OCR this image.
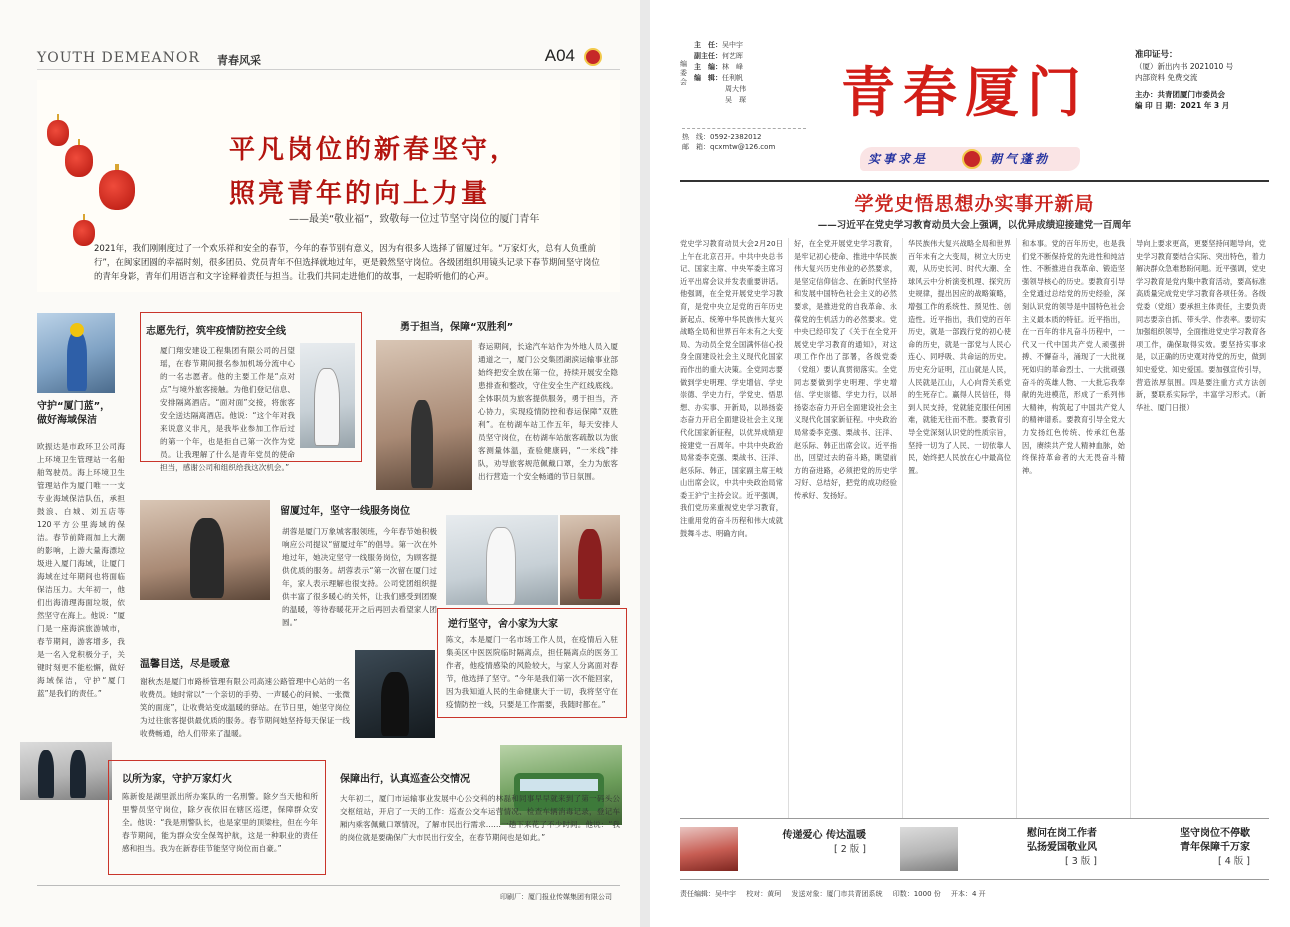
YOUTH DEMEANOR 青春风采	A04
平凡岗位的新春坚守，
照亮青年的向上力量
——最美“敬业福”，致敬每一位过节坚守岗位的厦门青年
2021年，我们刚刚度过了一个欢乐祥和安全的春节，今年的春节别有意义，因为有很多人选择了留厦过年。“万家灯火，总有人负重前行”，在闽家团圆的幸福时刻，很多团员、党员青年不但选择就地过年，更是毅然坚守岗位。各级团组织用镜头记录下春节期间坚守岗位的青年身影，青年们用语言和文字诠释着责任与担当。让我们共同走进他们的故事，一起聆听他们的心声。
守护“厦门蓝”，做好海域保洁
欧振达是市政环卫公司海上环境卫生管理站一名船舶驾驶员。海上环境卫生管理站作为厦门唯一一支专业海域保洁队伍，承担鼓浪、白城、刘五店等120平方公里海域的保洁。春节前降雨加上大潮的影响，上游大量海漂垃圾进入厦门海域，让厦门海域在过年期间也将面临保洁压力。大年初一，他们出海清理海面垃圾，依然坚守在海上。他说：“厦门是一座海滨旅游城市，春节期间，游客增多，我是一名入党积极分子，关键时刻更不能松懈，做好海域保洁，守护“厦门蓝”是我们的责任。”
志愿先行，筑牢疫情防控安全线
厦门翔安建设工程集团有限公司的吕望瑶，在春节期间报名参加机场分流中心的一名志愿者。他的主要工作是“点对点”与境外旅客接触。为他们登记信息、安排隔离酒店。“面对面”交接，将旅客安全送达隔离酒店。他说：“这个年对我来说意义非凡，是我毕业参加工作后过的第一个年，也是拒自己第一次作为党员。让我理解了什么是青年党员的使命担当，感谢公司和组织给我这次机会。”
勇于担当，保障“双胜利”
春运期间，长途汽车站作为外地人员入厦通道之一，厦门公交集团湖滨运输事业部始终把安全放在第一位，持续开展安全隐患排查和整改，守住安全生产红线底线。全体职员为旅客提供服务，勇于担当，齐心协力，实现疫情防控和春运保障“双胜利”。在枋湖车站工作五年，每天安排人员坚守岗位，在枋湖车站旅客疏散以为旅客测量体温，查验健康码，“一米线”排队，劝导旅客规范佩戴口罩，全力为旅客出行营造一个安全畅通的节日氛围。
留厦过年，坚守一线服务岗位
胡蓉是厦门万象城客服领班，今年春节她积极响应公司提议“留厦过年”的倡导。第一次在外地过年，她决定坚守一线服务岗位，为顾客提供优质的服务。胡蓉表示“第一次留在厦门过年，家人表示理解也很支持。公司党团组织提供丰富了很多暖心的关怀，让我们感受到团聚的温暖，等待春暖花开之后再回去看望家人团圆。”	逆行坚守，舍小家为大家
陈文，本是厦门一名市场工作人员，在疫情后入驻集美区中医医院临时隔离点，担任隔离点的医务工作者，他疫情感染的风险较大，与家人分离面对春节，他选择了坚守。“今年是我们第一次不能回家，因为我知道人民的生命健康大于一切，我将坚守在疫情防控一线，只要是工作需要，我随时都在。”
温馨目送，尽是暖意
谢秋杰是厦门市路桥管理有限公司高速公路管理中心站的一名收费员。她时常以“一个亲切的手势、一声暖心的问候、一张微笑的面庞”，让收费站变成温暖的驿站。在节日里，她坚守岗位为过往旅客提供最优质的服务。春节期间她坚持每天保证一线收费畅通，给人们带来了温暖。
以所为家，守护万家灯火
陈新俊是湖里派出所办案队的一名刑警。除夕当天他和所里警员坚守岗位，除夕夜依旧在辖区巡逻，保障群众安全。他说：“我是刑警队长，也是家里的顶梁柱，但在今年春节期间，能为群众安全保驾护航，这是一种职业的责任感和担当。我为在新春佳节能坚守岗位而自豪。”
保障出行，认真巡查公交情况
大年初二，厦门市运输事业发展中心公交科的林磊和同事早早就来到了第一码头公交枢纽站，开启了一天的工作：巡查公交车运营情况、检查车辆消毒记录，登记车厢内乘客佩戴口罩情况，了解市民出行需求……一趟下来花了不少时间。他说：“我的岗位就是要确保广大市民出行安全，在春节期间也是如此。”
印刷厂：厦门报业传媒集团有限公司
编委会
主　任：吴中宇
副主任：何艺晖
主　编：林　峰
编　辑：任利帆
周大伟
吴　琛
热　线：0592-2382012
邮　箱：qcxmtw@126.com
青春厦门
实事求是	朝气蓬勃
准印证号：
（厦）新出内书 2021010 号
内部资料 免费交流
主办：共青团厦门市委员会
编 印 日 期：2021 年 3 月
学党史悟思想办实事开新局
——习近平在党史学习教育动员大会上强调，以优异成绩迎接建党一百周年
党史学习教育动员大会2月20日上午在北京召开。中共中央总书记、国家主席、中央军委主席习近平出席会议并发表重要讲话。他强调，在全党开展党史学习教育，是党中央立足党的百年历史新起点、统筹中华民族伟大复兴战略全局和世界百年未有之大变局、为动员全党全国满怀信心投身全面建设社会主义现代化国家而作出的重大决策。全党同志要做到学史明理、学史增信、学史崇德、学史力行，学党史、悟思想、办实事、开新局，以昂扬姿态奋力开启全面建设社会主义现代化国家新征程，以优异成绩迎接建党一百周年。中共中央政治局常委李克强、栗战书、汪洋、赵乐际、韩正，国家副主席王岐山出席会议，中共中央政治局常委王沪宁主持会议。近平强调，我们党历来重视党史学习教育，注重用党的奋斗历程和伟大成就鼓舞斗志、明确方向。
好，在全党开展党史学习教育，是牢记初心使命、推进中华民族伟大复兴历史伟业的必然要求，是坚定信仰信念、在新时代坚持和发展中国特色社会主义的必然要求，是推进党的自我革命、永葆党的生机活力的必然要求。党中央已经印发了《关于在全党开展党史学习教育的通知》，对这项工作作出了部署，各级党委（党组）要认真贯彻落实。全党同志要做到学史明理、学史增信、学史崇德、学史力行，以昂扬姿态奋力开启全面建设社会主义现代化国家新征程。中央政治局常委李克强、栗战书、汪洋、赵乐际、韩正出席会议。近平指出，回望过去的奋斗路，眺望前方的奋进路，必须把党的历史学习好、总结好，把党的成功经验传承好、发扬好。
华民族伟大复兴战略全局和世界百年未有之大变局，树立大历史观，从历史长河、时代大潮、全球风云中分析演变机理、探究历史规律，提出因应的战略策略，增强工作的系统性、预见性、创造性。近平指出，我们党的百年历史，就是一部践行党的初心使命的历史，就是一部党与人民心连心、同呼吸、共命运的历史。历史充分证明，江山就是人民，人民就是江山，人心向背关系党的生死存亡。赢得人民信任，得到人民支持，党就能克服任何困难，就能无往而不胜。要教育引导全党深刻认识党的性质宗旨，坚持一切为了人民、一切依靠人民，始终把人民放在心中最高位置。
和本事。党的百年历史，也是我们党不断保持党的先进性和纯洁性、不断推进自我革命、锻造坚强领导核心的历史。要教育引导全党通过总结党的历史经验，深刻认识党的领导是中国特色社会主义最本质的特征。近平指出，在一百年的非凡奋斗历程中，一代又一代中国共产党人顽强拼搏、不懈奋斗，涌现了一大批视死如归的革命烈士、一大批顽强奋斗的英雄人物、一大批忘我奉献的先进模范，形成了一系列伟大精神，构筑起了中国共产党人的精神谱系。要教育引导全党大力发扬红色传统、传承红色基因，赓续共产党人精神血脉，始终保持革命者的大无畏奋斗精神。
导向上要求更高，更要坚持问题导向，党史学习教育要结合实际、突出特色，着力解决群众急难愁盼问题。近平强调，党史学习教育是党内集中教育活动，要高标准高质量完成党史学习教育各项任务。各级党委（党组）要承担主体责任，主要负责同志要亲自抓、带头学、作表率。要切实加强组织领导，全面推进党史学习教育各项工作，确保取得实效。要坚持实事求是，以正确的历史观对待党的历史，做到知史爱党、知史爱国。要加强宣传引导，营造浓厚氛围。四是要注重方式方法创新，要联系实际学，丰富学习形式。（新华社、厦门日报）
传递爱心 传达温暖
[ 2 版 ]
慰问在岗工作者
弘扬爱国敬业风
[ 3 版 ]
坚守岗位不停歇
青年保障千万家
[ 4 版 ]
责任编辑：吴中宇 校对：黄珂 发送对象：厦门市共青团系统 印数：1000 份 开本：4 开
